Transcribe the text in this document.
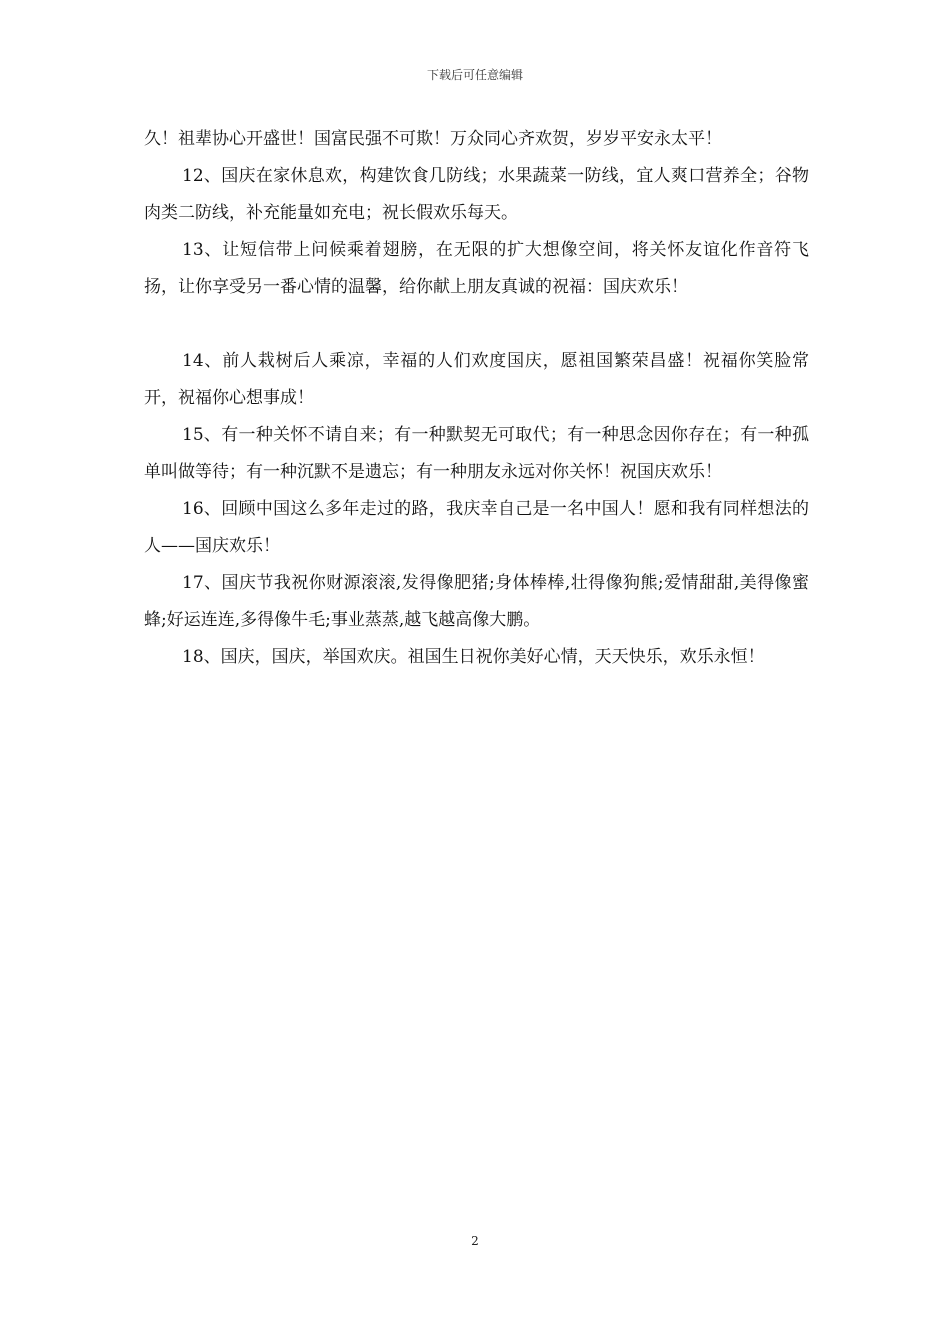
下载后可任意编辑

久！祖辈协心开盛世！国富民强不可欺！万众同心齐欢贺，岁岁平安永太平！

12、国庆在家休息欢，构建饮食几防线；水果蔬菜一防线，宜人爽口营养全；谷物肉类二防线，补充能量如充电；祝长假欢乐每天。

13、让短信带上问候乘着翅膀，在无限的扩大想像空间，将关怀友谊化作音符飞扬，让你享受另一番心情的温馨，给你献上朋友真诚的祝福：国庆欢乐！

14、前人栽树后人乘凉，幸福的人们欢度国庆，愿祖国繁荣昌盛！祝福你笑脸常开，祝福你心想事成！

15、有一种关怀不请自来；有一种默契无可取代；有一种思念因你存在；有一种孤单叫做等待；有一种沉默不是遗忘；有一种朋友永远对你关怀！祝国庆欢乐！

16、回顾中国这么多年走过的路，我庆幸自己是一名中国人！愿和我有同样想法的人——国庆欢乐！

17、国庆节我祝你财源滚滚,发得像肥猪;身体棒棒,壮得像狗熊;爱情甜甜,美得像蜜蜂;好运连连,多得像牛毛;事业蒸蒸,越飞越高像大鹏。

18、国庆，国庆，举国欢庆。祖国生日祝你美好心情，天天快乐，欢乐永恒！

2
